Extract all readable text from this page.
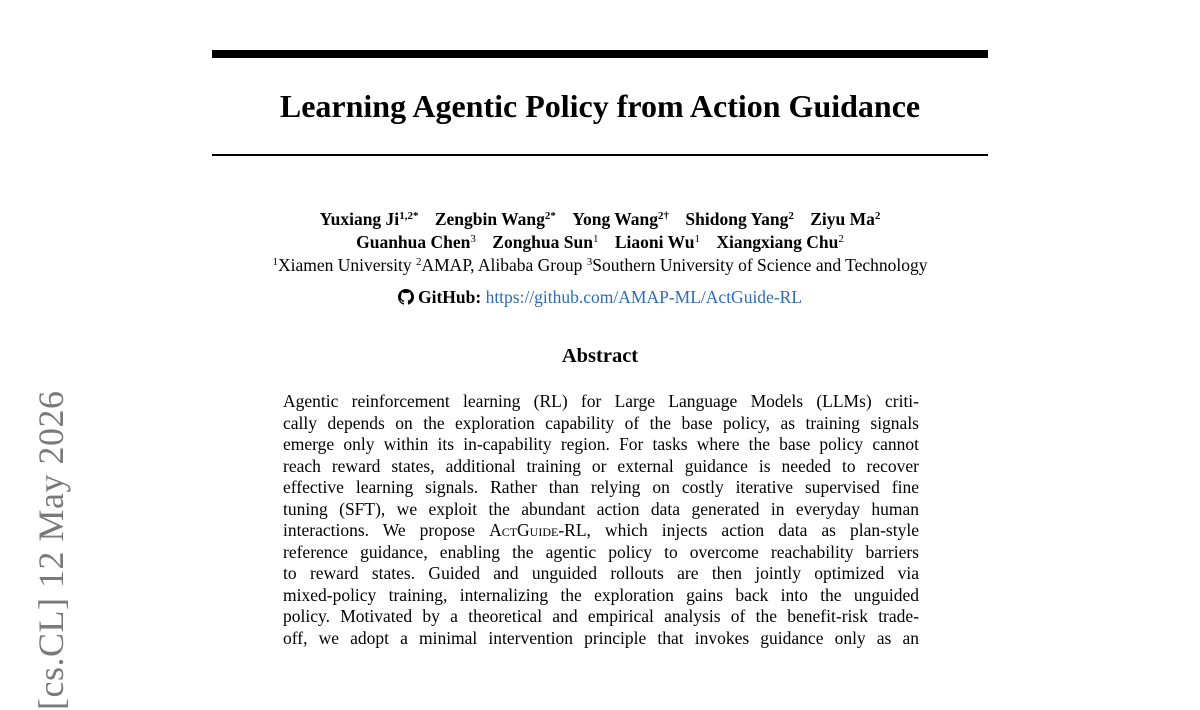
[cs.CL] 12 May 2026
Learning Agentic Policy from Action Guidance
Yuxiang $Ji^{1,2*}$ Zengbin Wang$^{2*}$ Yong Wang$^{2\dagger}$ Shidong Yang$^2$ Ziyu Ma$^2$
Guanhua Chen$^3$ Zonghua Sun$^1$ Liaoni Wu$^1$ Xiangxiang Chu$^2$
$^1$Xiamen University $^2$AMAP, Alibaba Group $^3$Southern University of Science and Technology
GitHub: https://github.com/AMAP-ML/ActGuide-RL
Abstract
Agentic reinforcement learning (RL) for Large Language Models (LLMs) criti-
cally depends on the exploration capability of the base policy, as training signals
emerge only within its in-capability region. For tasks where the base policy cannot
reach reward states, additional training or external guidance is needed to recover
effective learning signals. Rather than relying on costly iterative supervised fine
tuning (SFT), we exploit the abundant action data generated in everyday human
interactions. We propose ActGuide-RL, which injects action data as plan-style
reference guidance, enabling the agentic policy to overcome reachability barriers
to reward states. Guided and unguided rollouts are then jointly optimized via
mixed-policy training, internalizing the exploration gains back into the unguided
policy. Motivated by a theoretical and empirical analysis of the benefit-risk trade-
off, we adopt a minimal intervention principle that invokes guidance only as an
